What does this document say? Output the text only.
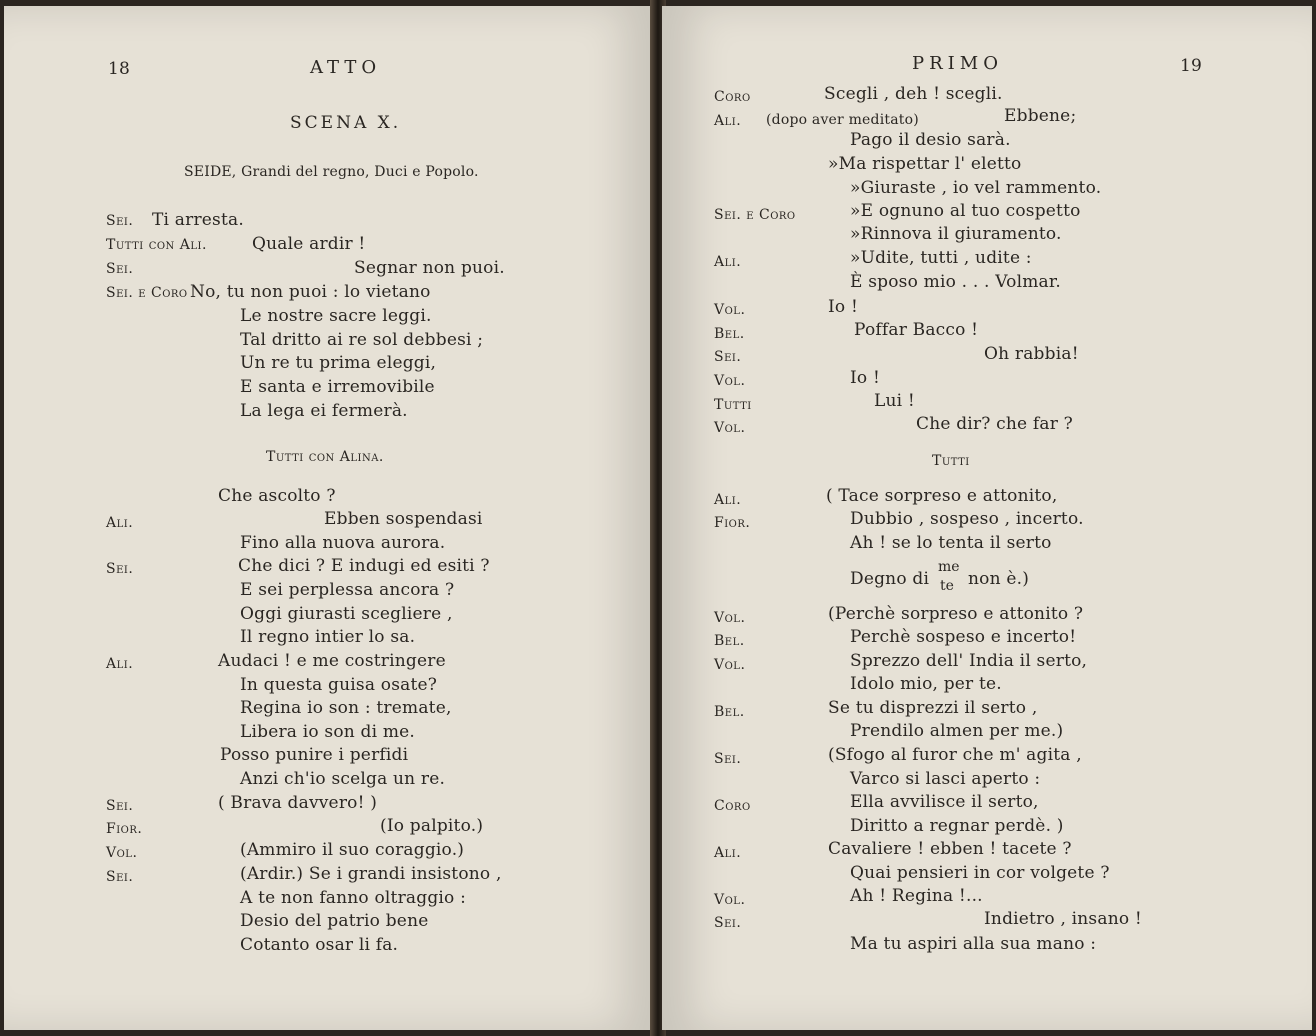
18	ATTO
SCENA X.
SEIDE, Grandi del regno, Duci e Popolo.
Sei. Ti arresta.
Tutti con Ali.	Quale ardir !
Sei.	Segnar non puoi.
Sei. e Coro No, tu non puoi : lo vietano
Le nostre sacre leggi.
Tal dritto ai re sol debbesi ;
Un re tu prima eleggi,
E santa e irremovibile
La lega ei fermerà.
Tutti con Alina.
Che ascolto ?
Ali.	Ebben sospendasi
Fino alla nuova aurora.
Sei.	Che dici ? E indugi ed esiti ?
E sei perplessa ancora ?
Oggi giurasti scegliere ,
Il regno intier lo sa.
Ali.	Audaci ! e me costringere
In questa guisa osate?
Regina io son : tremate,
Libera io son di me.
Posso punire i perfidi
Anzi ch'io scelga un re.
Sei.	( Brava davvero! )
Fior.	(Io palpito.)
Vol.	(Ammiro il suo coraggio.)
Sei.	(Ardir.) Se i grandi insistono ,
A te non fanno oltraggio :
Desio del patrio bene
Cotanto osar li fa.
PRIMO	19
Coro	Scegli , deh ! scegli.
Ali. (dopo aver meditato)	Ebbene;
Pago il desio sarà.
»Ma rispettar l' eletto
»Giuraste , io vel rammento.
Sei. e Coro	»E ognuno al tuo cospetto
»Rinnova il giuramento.
Ali.	»Udite, tutti , udite :
È sposo mio . . . Volmar.
Vol.	Io !
Bel.	Poffar Bacco !
Sei.	Oh rabbia!
Vol.	Io !
Tutti	Lui !
Vol.	Che dir? che far ?
Tutti
Ali.	( Tace sorpreso e attonito,
Fior.	Dubbio , sospeso , incerto.
Ah ! se lo tenta il serto
Degno di
me
te non è.)
Vol.	(Perchè sorpreso e attonito ?
Bel.	Perchè sospeso e incerto!
Vol.	Sprezzo dell' India il serto,
Idolo mio, per te.
Bel.	Se tu disprezzi il serto ,
Prendilo almen per me.)
Sei.	(Sfogo al furor che m' agita ,
Varco si lasci aperto :
Coro	Ella avvilisce il serto,
Diritto a regnar perdè. )
Ali.	Cavaliere ! ebben ! tacete ?
Quai pensieri in cor volgete ?
Vol.	Ah ! Regina !...
Sei.	Indietro , insano !
Ma tu aspiri alla sua mano :
